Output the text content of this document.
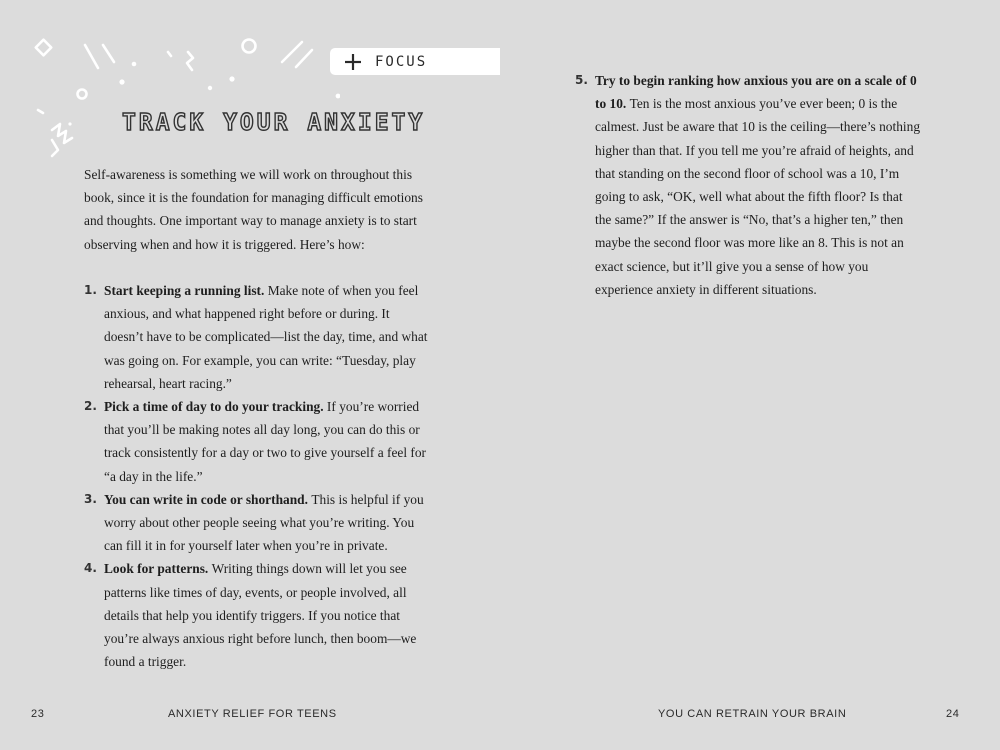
FOCUS
TRACK YOUR ANXIETY

Self-awareness is something we will work on throughout this book, since it is the foundation for managing difficult emotions and thoughts. One important way to manage anxiety is to start observing when and how it is triggered. Here’s how:

1. Start keeping a running list. Make note of when you feel anxious, and what happened right before or during. It doesn’t have to be complicated—list the day, time, and what was going on. For example, you can write: “Tuesday, play rehearsal, heart racing.”
2. Pick a time of day to do your tracking. If you’re worried that you’ll be making notes all day long, you can do this or track consistently for a day or two to give yourself a feel for “a day in the life.”
3. You can write in code or shorthand. This is helpful if you worry about other people seeing what you’re writing. You can fill it in for yourself later when you’re in private.
4. Look for patterns. Writing things down will let you see patterns like times of day, events, or people involved, all details that help you identify triggers. If you notice that you’re always anxious right before lunch, then boom—we found a trigger.
23	ANXIETY RELIEF FOR TEENS	YOU CAN RETRAIN YOUR BRAIN	24
5. Try to begin ranking how anxious you are on a scale of 0 to 10. Ten is the most anxious you’ve ever been; 0 is the calmest. Just be aware that 10 is the ceiling—there’s nothing higher than that. If you tell me you’re afraid of heights, and that standing on the second floor of school was a 10, I’m going to ask, “OK, well what about the fifth floor? Is that the same?” If the answer is “No, that’s a higher ten,” then maybe the second floor was more like an 8. This is not an exact science, but it’ll give you a sense of how you experience anxiety in different situations.
